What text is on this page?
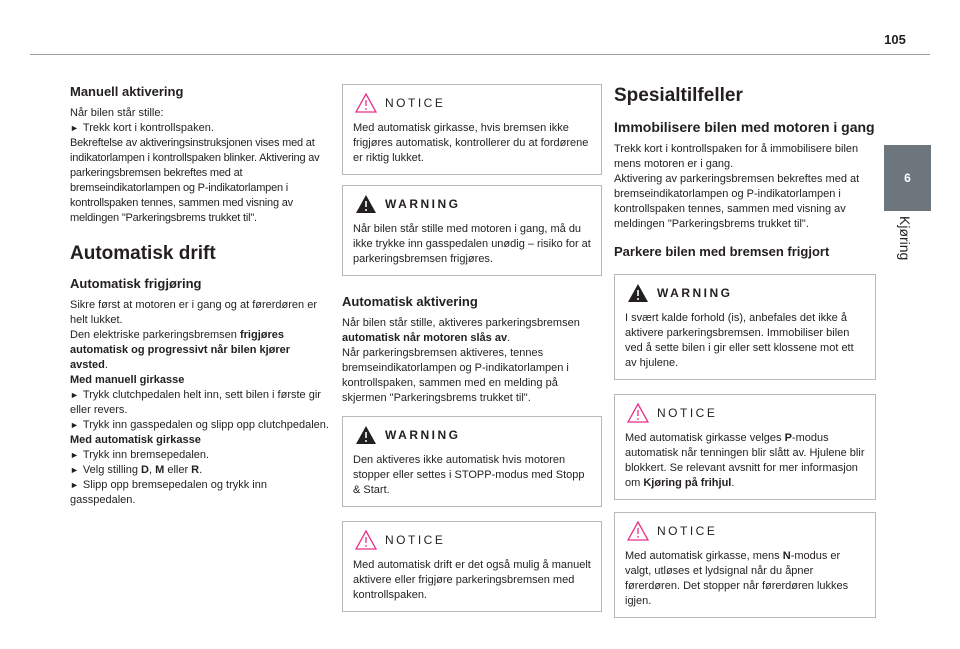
105
6
Kjøring
Manuell aktivering

Når bilen står stille:

► Trekk kort i kontrollspaken.

Bekreftelse av aktiveringsinstruksjonen vises med at indikatorlampen i kontrollspaken blinker. Aktivering av parkeringsbremsen bekreftes med at bremseindikatorlampen og P-indikatorlampen i kontrollspaken tennes, sammen med visning av meldingen "Parkeringsbrems trukket til".

Automatisk drift
Automatisk frigjøring

Sikre først at motoren er i gang og at førerdøren er helt lukket.

Den elektriske parkeringsbremsen frigjøres automatisk og progressivt når bilen kjører avsted.

Med manuell girkasse

► Trykk clutchpedalen helt inn, sett bilen i første gir eller revers.

► Trykk inn gasspedalen og slipp opp clutchpedalen.

Med automatisk girkasse

► Trykk inn bremsepedalen.

► Velg stilling D, M eller R.

► Slipp opp bremsepedalen og trykk inn gasspedalen.

NOTICE
Med automatisk girkasse, hvis bremsen ikke frigjøres automatisk, kontrollerer du at fordørene er riktig lukket.
WARNING
Når bilen står stille med motoren i gang, må du ikke trykke inn gasspedalen unødig – risiko for at parkeringsbremsen frigjøres.
Automatisk aktivering

Når bilen står stille, aktiveres parkeringsbremsen automatisk når motoren slås av.

Når parkeringsbremsen aktiveres, tennes bremseindikatorlampen og P-indikatorlampen i kontrollspaken, sammen med en melding på skjermen "Parkeringsbrems trukket til".

WARNING
Den aktiveres ikke automatisk hvis motoren stopper eller settes i STOPP-modus med Stopp & Start.
NOTICE
Med automatisk drift er det også mulig å manuelt aktivere eller frigjøre parkeringsbremsen med kontrollspaken.
Spesialtilfeller
Immobilisere bilen med motoren i gang

Trekk kort i kontrollspaken for å immobilisere bilen mens motoren er i gang.

Aktivering av parkeringsbremsen bekreftes med at bremseindikatorlampen og P-indikatorlampen i kontrollspaken tennes, sammen med visning av meldingen "Parkeringsbrems trukket til".

Parkere bilen med bremsen frigjort
WARNING
I svært kalde forhold (is), anbefales det ikke å aktivere parkeringsbremsen. Immobiliser bilen ved å sette bilen i gir eller sett klossene mot ett av hjulene.
NOTICE
Med automatisk girkasse velges P-modus automatisk når tenningen blir slått av. Hjulene blir blokkert. Se relevant avsnitt for mer informasjon om Kjøring på frihjul.
NOTICE
Med automatisk girkasse, mens N-modus er valgt, utløses et lydsignal når du åpner førerdøren. Det stopper når førerdøren lukkes igjen.
